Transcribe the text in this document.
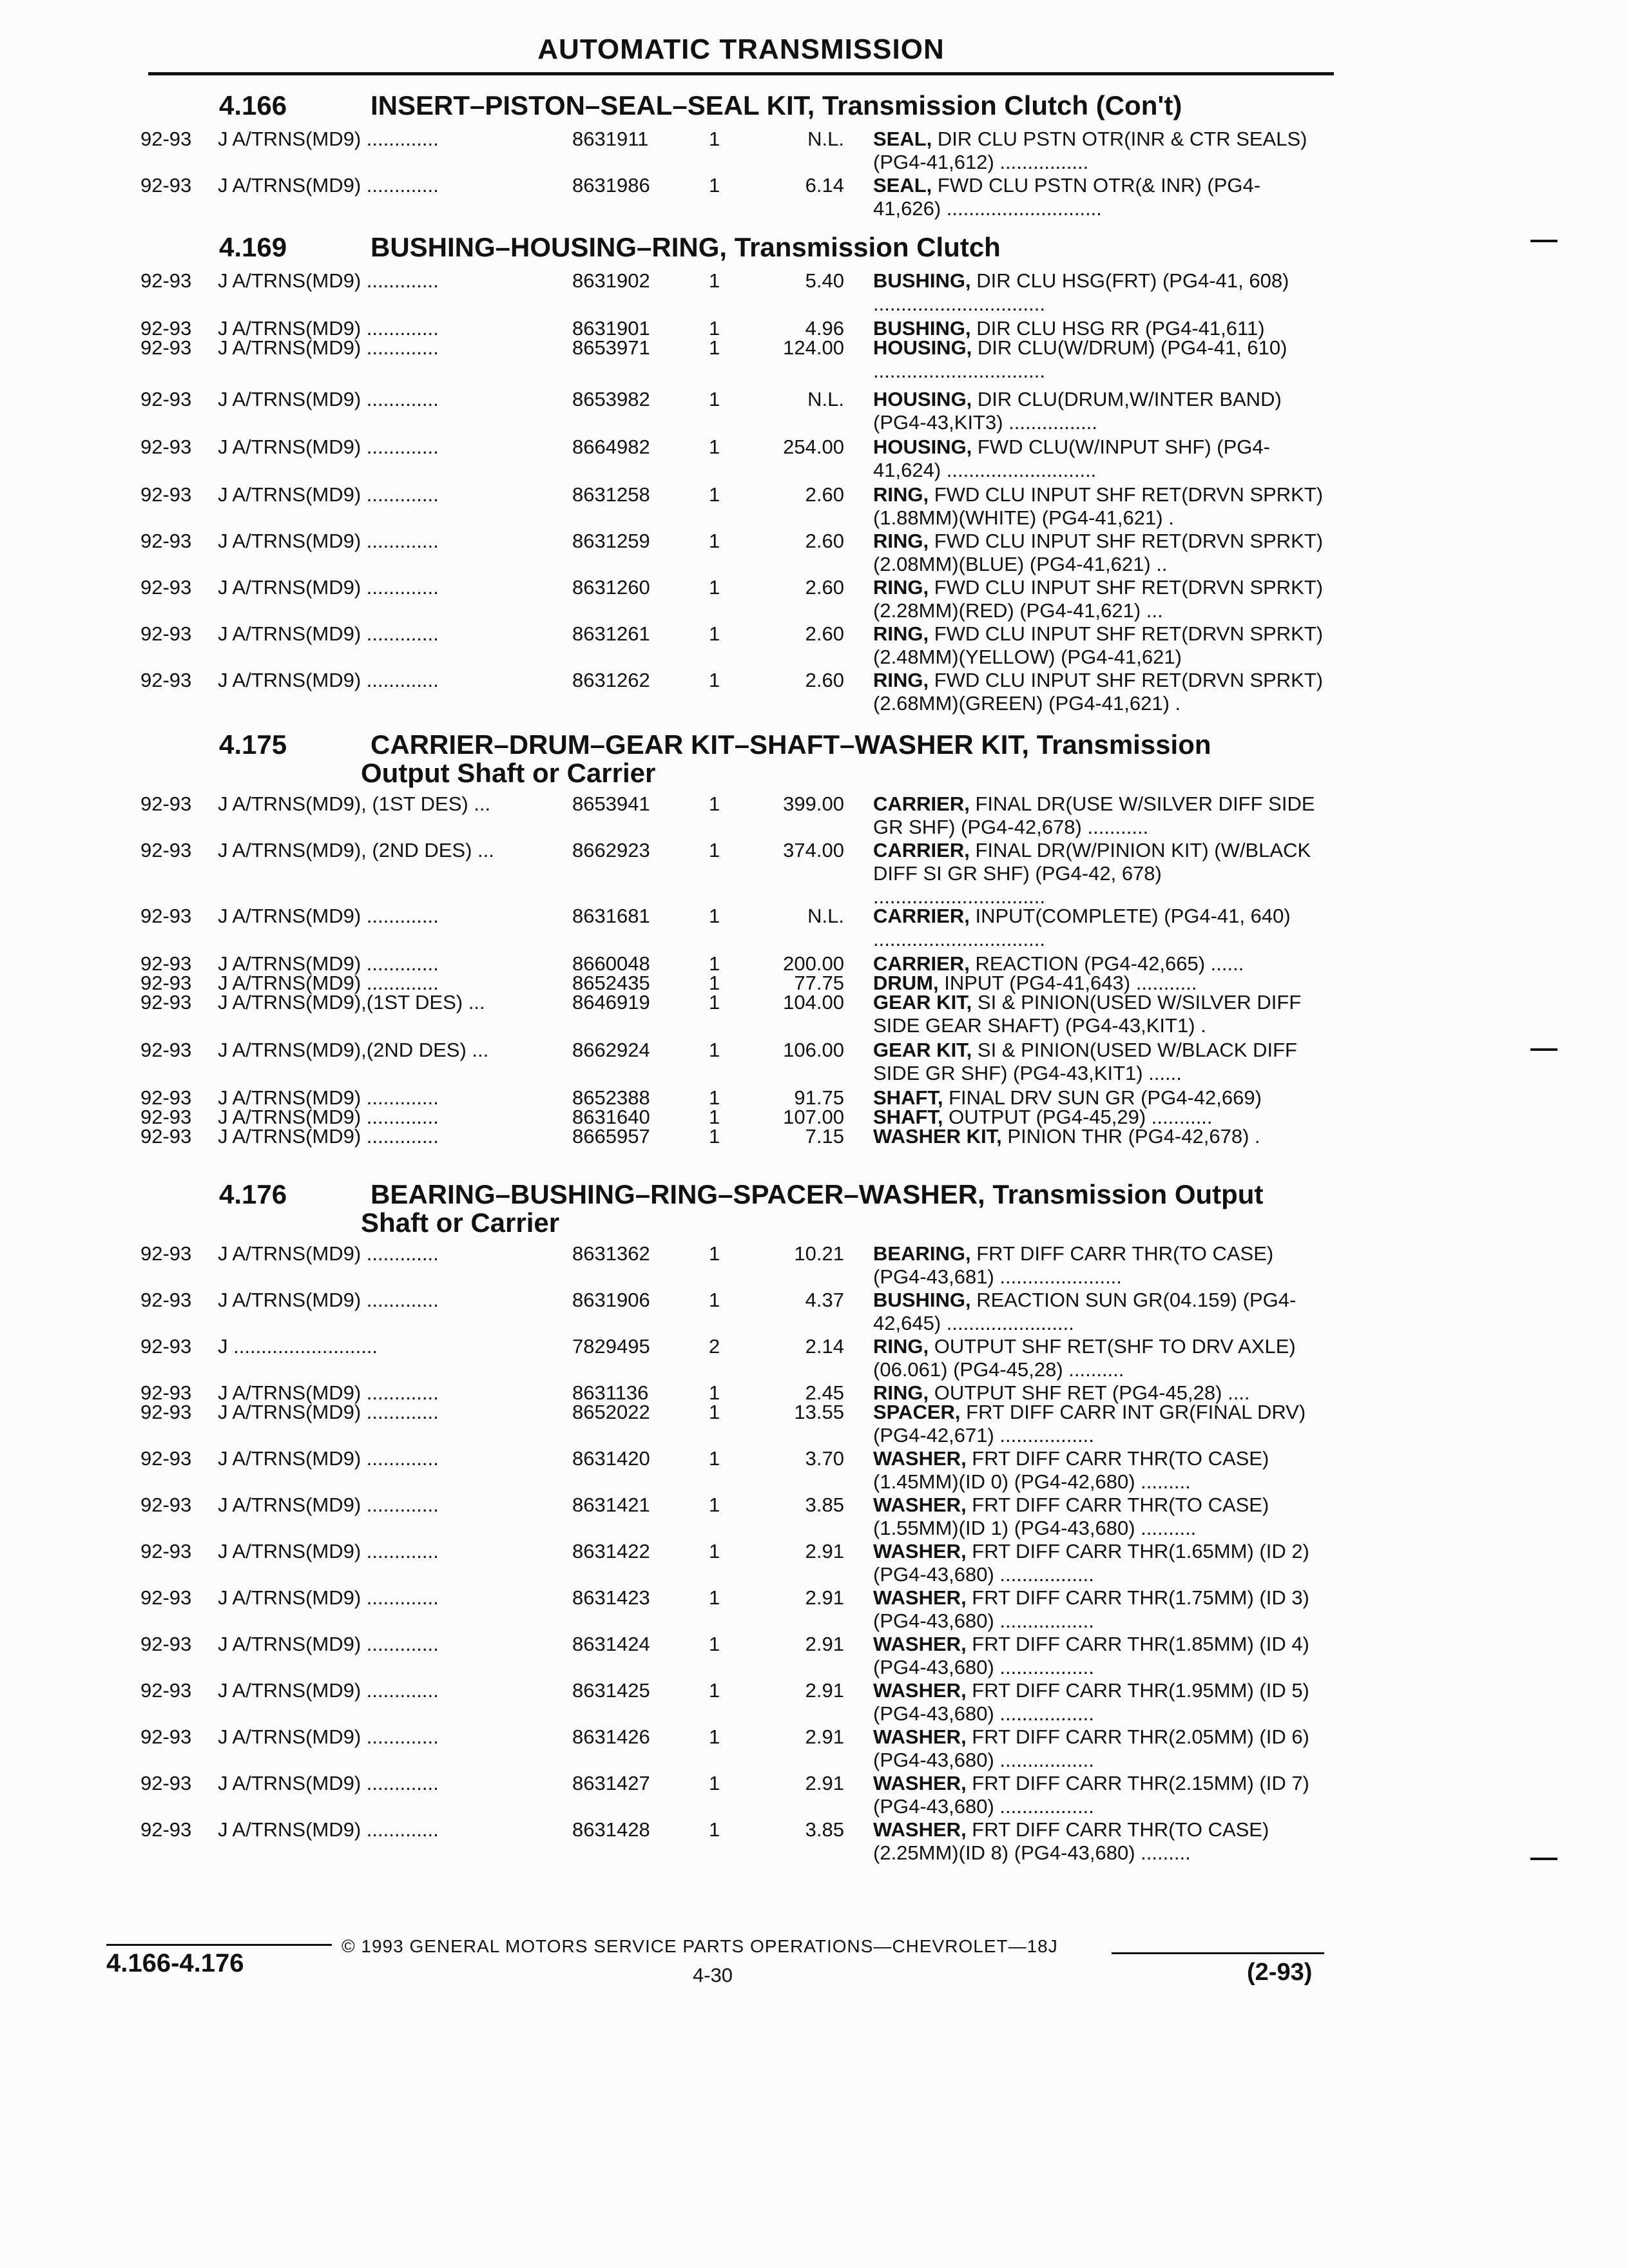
AUTOMATIC TRANSMISSION
4.166	INSERT–PISTON–SEAL–SEAL KIT, Transmission Clutch (Con't)
92-93 J A/TRNS(MD9) .............	8631911	1	N.L. SEAL, DIR CLU PSTN OTR(INR & CTR SEALS) (PG4-41,612) ................
92-93 J A/TRNS(MD9) .............	8631986	1	6.14 SEAL, FWD CLU PSTN OTR(& INR) (PG4-41,626) ............................
4.169	BUSHING–HOUSING–RING, Transmission Clutch
92-93 J A/TRNS(MD9) .............	8631902	1	5.40 BUSHING, DIR CLU HSG(FRT) (PG4-41, 608) ...............................
92-93 J A/TRNS(MD9) .............	8631901	1	4.96 BUSHING, DIR CLU HSG RR (PG4-41,611)
92-93 J A/TRNS(MD9) .............	8653971	1	124.00 HOUSING, DIR CLU(W/DRUM) (PG4-41, 610) ...............................
92-93 J A/TRNS(MD9) .............	8653982	1	N.L. HOUSING, DIR CLU(DRUM,W/INTER BAND) (PG4-43,KIT3) ................
92-93 J A/TRNS(MD9) .............	8664982	1	254.00 HOUSING, FWD CLU(W/INPUT SHF) (PG4-41,624) ...........................
92-93 J A/TRNS(MD9) .............	8631258	1	2.60 RING, FWD CLU INPUT SHF RET(DRVN SPRKT)(1.88MM)(WHITE) (PG4-41,621) .
92-93 J A/TRNS(MD9) .............	8631259	1	2.60 RING, FWD CLU INPUT SHF RET(DRVN SPRKT)(2.08MM)(BLUE) (PG4-41,621) ..
92-93 J A/TRNS(MD9) .............	8631260	1	2.60 RING, FWD CLU INPUT SHF RET(DRVN SPRKT)(2.28MM)(RED) (PG4-41,621) ...
92-93 J A/TRNS(MD9) .............	8631261	1	2.60 RING, FWD CLU INPUT SHF RET(DRVN SPRKT)(2.48MM)(YELLOW) (PG4-41,621)
92-93 J A/TRNS(MD9) .............	8631262	1	2.60 RING, FWD CLU INPUT SHF RET(DRVN SPRKT)(2.68MM)(GREEN) (PG4-41,621) .
4.175	CARRIER–DRUM–GEAR KIT–SHAFT–WASHER KIT, Transmission
Output Shaft or Carrier
92-93 J A/TRNS(MD9), (1ST DES) ...	8653941	1	399.00 CARRIER, FINAL DR(USE W/SILVER DIFF SIDE GR SHF) (PG4-42,678) ...........
92-93 J A/TRNS(MD9), (2ND DES) ...	8662923	1	374.00 CARRIER, FINAL DR(W/PINION KIT) (W/BLACK DIFF SI GR SHF) (PG4-42, 678) ...............................
92-93 J A/TRNS(MD9) .............	8631681	1	N.L. CARRIER, INPUT(COMPLETE) (PG4-41, 640) ...............................
92-93 J A/TRNS(MD9) .............	8660048	1	200.00 CARRIER, REACTION (PG4-42,665) ......
92-93 J A/TRNS(MD9) .............	8652435	1	77.75 DRUM, INPUT (PG4-41,643) ...........
92-93 J A/TRNS(MD9),(1ST DES) ...	8646919	1	104.00 GEAR KIT, SI & PINION(USED W/SILVER DIFF SIDE GEAR SHAFT) (PG4-43,KIT1) .
92-93 J A/TRNS(MD9),(2ND DES) ...	8662924	1	106.00 GEAR KIT, SI & PINION(USED W/BLACK DIFF SIDE GR SHF) (PG4-43,KIT1) ......
92-93 J A/TRNS(MD9) .............	8652388	1	91.75 SHAFT, FINAL DRV SUN GR (PG4-42,669)
92-93 J A/TRNS(MD9) .............	8631640	1	107.00 SHAFT, OUTPUT (PG4-45,29) ...........
92-93 J A/TRNS(MD9) .............	8665957	1	7.15 WASHER KIT, PINION THR (PG4-42,678) .
4.176	BEARING–BUSHING–RING–SPACER–WASHER, Transmission Output
Shaft or Carrier
92-93 J A/TRNS(MD9) .............	8631362	1	10.21 BEARING, FRT DIFF CARR THR(TO CASE) (PG4-43,681) ......................
92-93 J A/TRNS(MD9) .............	8631906	1	4.37 BUSHING, REACTION SUN GR(04.159) (PG4-42,645) .......................
92-93 J ..........................	7829495	2	2.14 RING, OUTPUT SHF RET(SHF TO DRV AXLE)(06.061) (PG4-45,28) ..........
92-93 J A/TRNS(MD9) .............	8631136	1	2.45 RING, OUTPUT SHF RET (PG4-45,28) ....
92-93 J A/TRNS(MD9) .............	8652022	1	13.55 SPACER, FRT DIFF CARR INT GR(FINAL DRV) (PG4-42,671) .................
92-93 J A/TRNS(MD9) .............	8631420	1	3.70 WASHER, FRT DIFF CARR THR(TO CASE) (1.45MM)(ID 0) (PG4-42,680) .........
92-93 J A/TRNS(MD9) .............	8631421	1	3.85 WASHER, FRT DIFF CARR THR(TO CASE) (1.55MM)(ID 1) (PG4-43,680) ..........
92-93 J A/TRNS(MD9) .............	8631422	1	2.91 WASHER, FRT DIFF CARR THR(1.65MM) (ID 2) (PG4-43,680) .................
92-93 J A/TRNS(MD9) .............	8631423	1	2.91 WASHER, FRT DIFF CARR THR(1.75MM) (ID 3) (PG4-43,680) .................
92-93 J A/TRNS(MD9) .............	8631424	1	2.91 WASHER, FRT DIFF CARR THR(1.85MM) (ID 4) (PG4-43,680) .................
92-93 J A/TRNS(MD9) .............	8631425	1	2.91 WASHER, FRT DIFF CARR THR(1.95MM) (ID 5) (PG4-43,680) .................
92-93 J A/TRNS(MD9) .............	8631426	1	2.91 WASHER, FRT DIFF CARR THR(2.05MM) (ID 6) (PG4-43,680) .................
92-93 J A/TRNS(MD9) .............	8631427	1	2.91 WASHER, FRT DIFF CARR THR(2.15MM) (ID 7) (PG4-43,680) .................
92-93 J A/TRNS(MD9) .............	8631428	1	3.85 WASHER, FRT DIFF CARR THR(TO CASE) (2.25MM)(ID 8) (PG4-43,680) .........
© 1993 GENERAL MOTORS SERVICE PARTS OPERATIONS—CHEVROLET—18J
4.166-4.176	4-30	(2-93)
